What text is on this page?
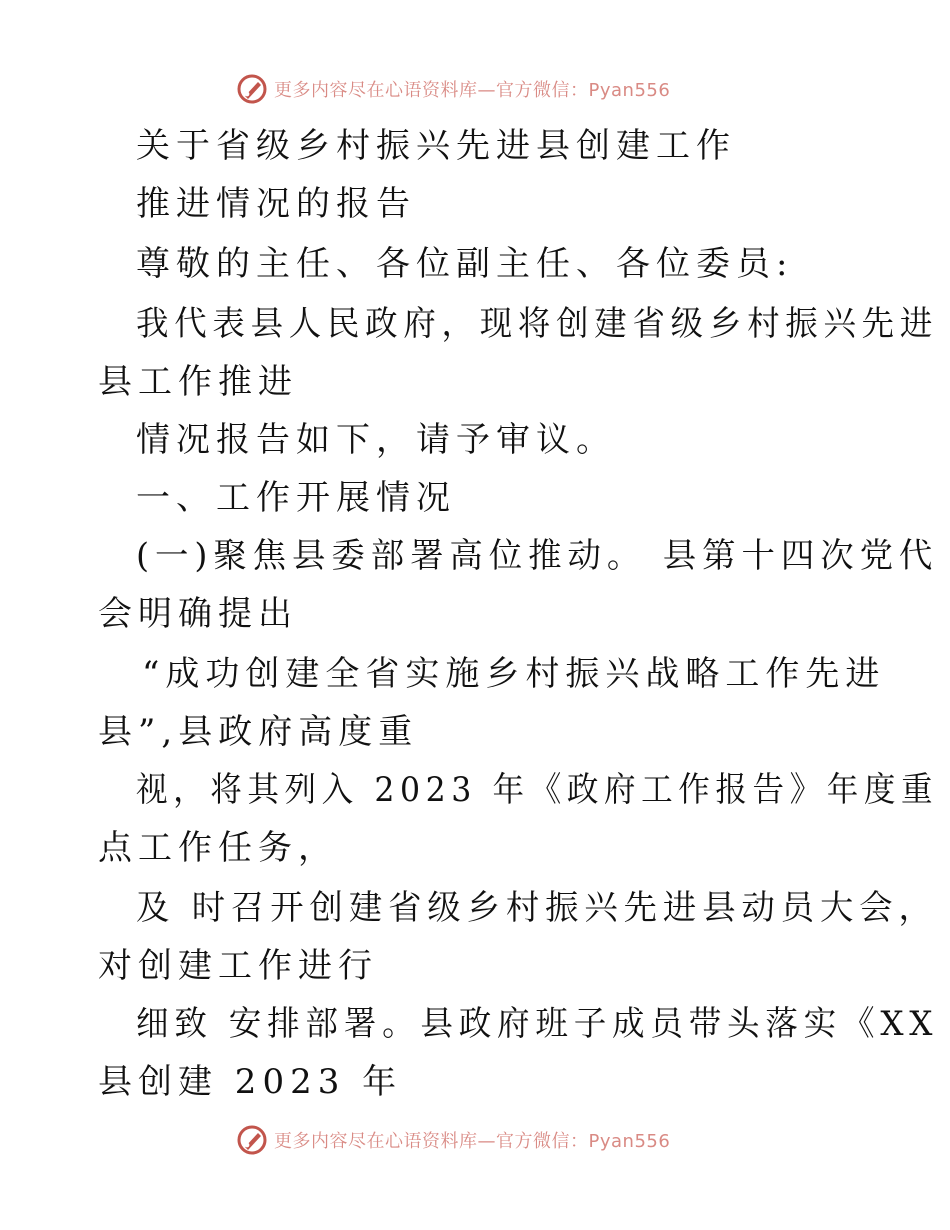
更多内容尽在心语资料库—官方微信：Pyan556
关于省级乡村振兴先进县创建工作
推进情况的报告
尊敬的主任、各位副主任、各位委员:
我代表县人民政府，现将创建省级乡村振兴先进
县工作推进
情况报告如下，请予审议。
一、工作开展情况
(一)聚焦县委部署高位推动。 县第十四次党代
会明确提出
“成功创建全省实施乡村振兴战略工作先进
县”,县政府高度重
视，将其列入 2023 年《政府工作报告》年度重
点工作任务，
及 时召开创建省级乡村振兴先进县动员大会，
对创建工作进行
细致 安排部署。县政府班子成员带头落实《XX
县创建 2023 年
更多内容尽在心语资料库—官方微信：Pyan556
